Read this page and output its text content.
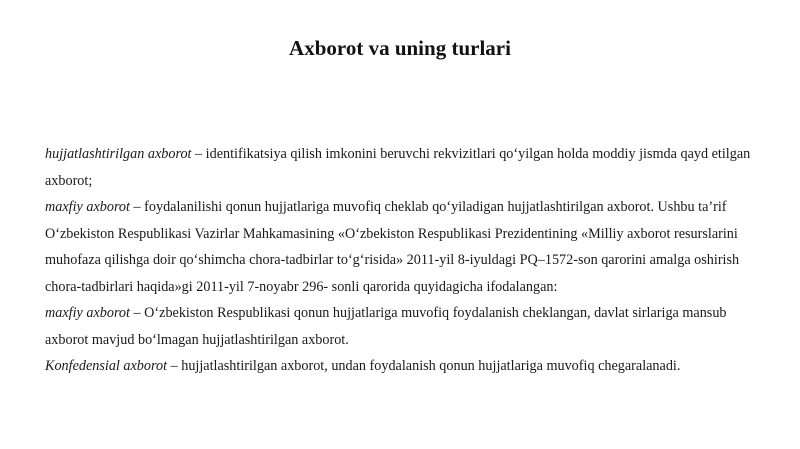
Axborot va uning turlari

hujjatlashtirilgan axborot – identifikatsiya qilish imkonini beruvchi rekvizitlari qo‘yilgan holda moddiy jismda qayd etilgan axborot;

maxfiy axborot – foydalanilishi qonun hujjatlariga muvofiq cheklab qo‘yiladigan hujjatlashtirilgan axborot. Ushbu ta’rif O‘zbekiston Respublikasi Vazirlar Mahkamasining «O‘zbekiston Respublikasi Prezidentining «Milliy axborot resurslarini muhofaza qilishga doir qo‘shimcha chora-tadbirlar to‘g‘risida» 2011-yil 8-iyuldagi PQ–1572-son qarorini amalga oshirish chora-tadbirlari haqida»gi 2011-yil 7-noyabr 296- sonli qarorida quyidagicha ifodalangan:

maxfiy axborot – O‘zbekiston Respublikasi qonun hujjatlariga muvofiq foydalanish cheklangan, davlat sirlariga mansub axborot mavjud bo‘lmagan hujjatlashtirilgan axborot.

Konfedensial axborot – hujjatlashtirilgan axborot, undan foydalanish qonun hujjatlariga muvofiq chegaralanadi.
